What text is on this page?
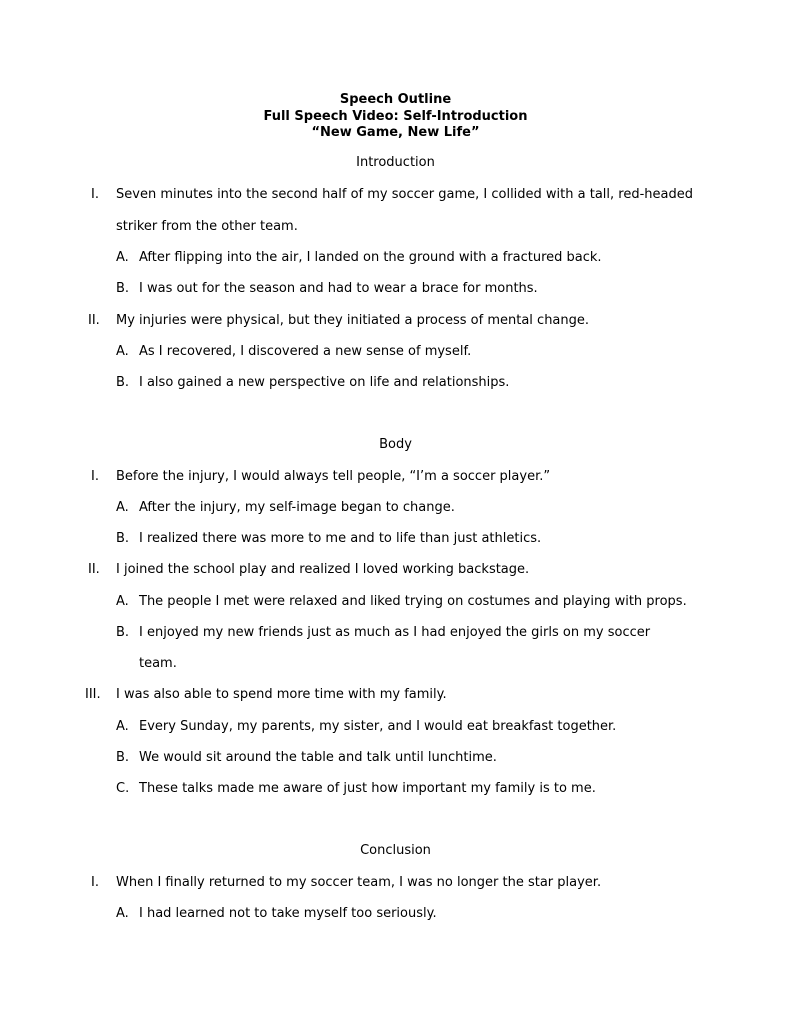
Speech Outline
Full Speech Video: Self-Introduction
“New Game, New Life”
Introduction
I. Seven minutes into the second half of my soccer game, I collided with a tall, red-headed
striker from the other team.
A. After flipping into the air, I landed on the ground with a fractured back.
B. I was out for the season and had to wear a brace for months.
II. My injuries were physical, but they initiated a process of mental change.
A. As I recovered, I discovered a new sense of myself.
B. I also gained a new perspective on life and relationships.
Body
I. Before the injury, I would always tell people, “I’m a soccer player.”
A. After the injury, my self-image began to change.
B. I realized there was more to me and to life than just athletics.
II. I joined the school play and realized I loved working backstage.
A. The people I met were relaxed and liked trying on costumes and playing with props.
B. I enjoyed my new friends just as much as I had enjoyed the girls on my soccer
team.
III. I was also able to spend more time with my family.
A. Every Sunday, my parents, my sister, and I would eat breakfast together.
B. We would sit around the table and talk until lunchtime.
C. These talks made me aware of just how important my family is to me.
Conclusion
I. When I finally returned to my soccer team, I was no longer the star player.
A. I had learned not to take myself too seriously.
